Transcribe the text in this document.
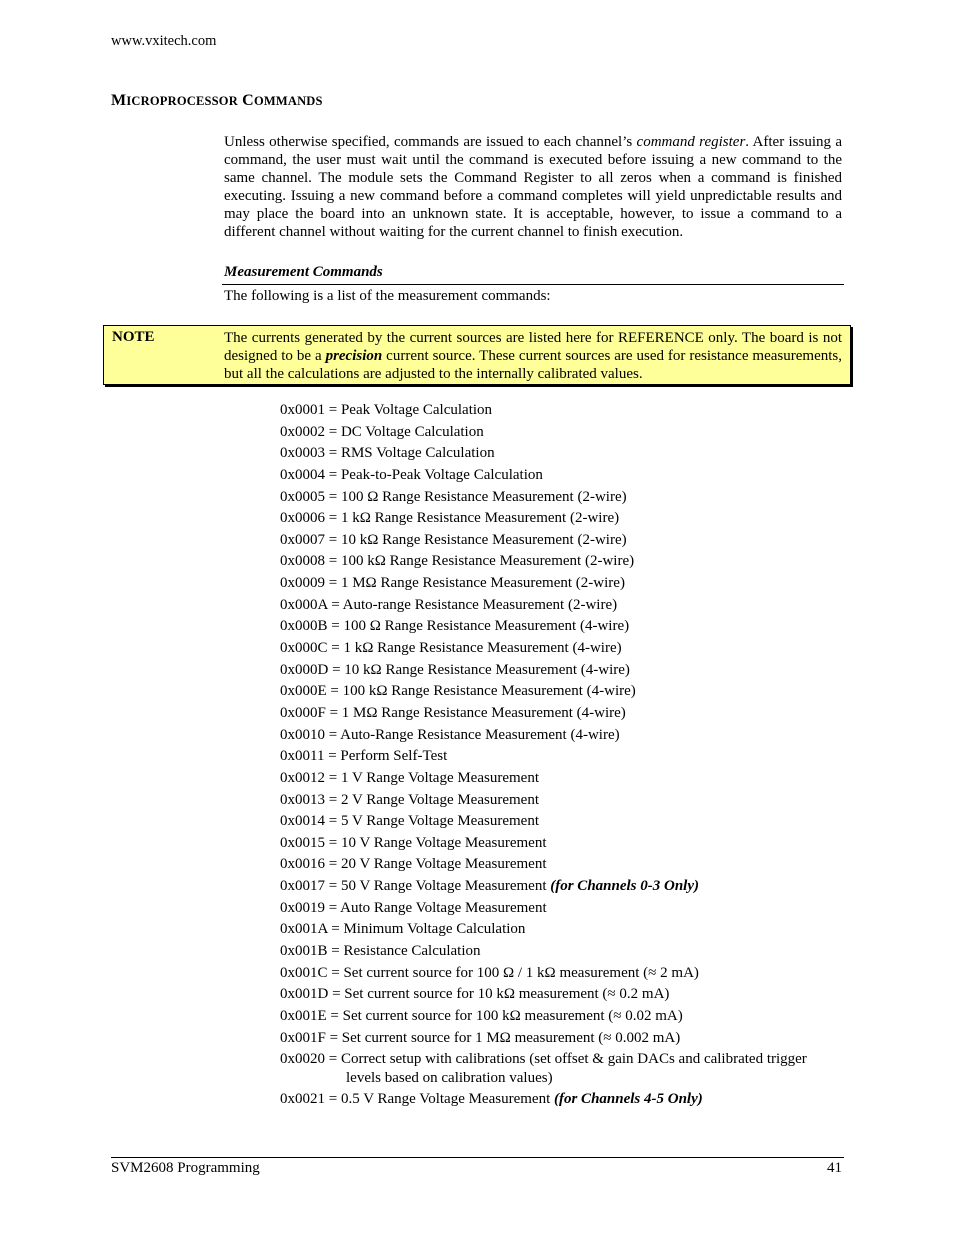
www.vxitech.com
MICROPROCESSOR COMMANDS
Unless otherwise specified, commands are issued to each channel’s command register. After issuing a command, the user must wait until the command is executed before issuing a new command to the same channel. The module sets the Command Register to all zeros when a command is finished executing. Issuing a new command before a command completes will yield unpredictable results and may place the board into an unknown state. It is acceptable, however, to issue a command to a different channel without waiting for the current channel to finish execution.
Measurement Commands
The following is a list of the measurement commands:
NOTE	The currents generated by the current sources are listed here for REFERENCE only. The board is not designed to be a precision current source. These current sources are used for resistance measurements, but all the calculations are adjusted to the internally calibrated values.
0x0001 = Peak Voltage Calculation
0x0002 = DC Voltage Calculation
0x0003 = RMS Voltage Calculation
0x0004 = Peak-to-Peak Voltage Calculation
0x0005 = 100 Ω Range Resistance Measurement (2-wire)
0x0006 = 1 kΩ Range Resistance Measurement (2-wire)
0x0007 = 10 kΩ Range Resistance Measurement (2-wire)
0x0008 = 100 kΩ Range Resistance Measurement (2-wire)
0x0009 = 1 MΩ Range Resistance Measurement (2-wire)
0x000A = Auto-range Resistance Measurement (2-wire)
0x000B = 100 Ω Range Resistance Measurement (4-wire)
0x000C = 1 kΩ Range Resistance Measurement (4-wire)
0x000D = 10 kΩ Range Resistance Measurement (4-wire)
0x000E = 100 kΩ Range Resistance Measurement (4-wire)
0x000F = 1 MΩ Range Resistance Measurement (4-wire)
0x0010 = Auto-Range Resistance Measurement (4-wire)
0x0011 = Perform Self-Test
0x0012 = 1 V Range Voltage Measurement
0x0013 = 2 V Range Voltage Measurement
0x0014 = 5 V Range Voltage Measurement
0x0015 = 10 V Range Voltage Measurement
0x0016 = 20 V Range Voltage Measurement
0x0017 = 50 V Range Voltage Measurement (for Channels 0-3 Only)
0x0019 = Auto Range Voltage Measurement
0x001A = Minimum Voltage Calculation
0x001B = Resistance Calculation
0x001C = Set current source for 100 Ω / 1 kΩ measurement (≈ 2 mA)
0x001D = Set current source for 10 kΩ measurement (≈ 0.2 mA)
0x001E = Set current source for 100 kΩ measurement (≈ 0.02 mA)
0x001F = Set current source for 1 MΩ measurement (≈ 0.002 mA)
0x0020 = Correct setup with calibrations (set offset & gain DACs and calibrated trigger
levels based on calibration values)
0x0021 = 0.5 V Range Voltage Measurement (for Channels 4-5 Only)
SVM2608 Programming	41
